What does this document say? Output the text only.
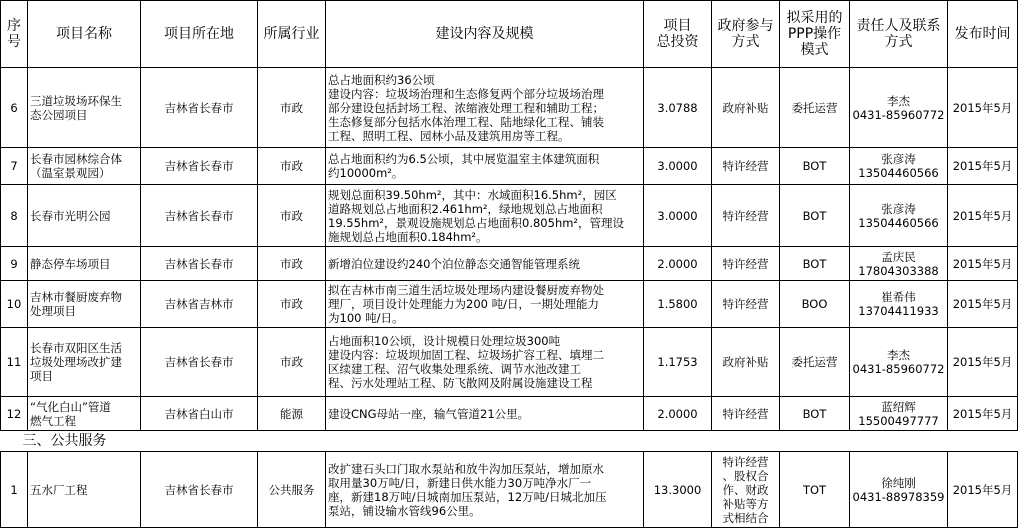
序
号	项目名称	项目所在地	所属行业	建设内容及规模	项目
总投资	政府参与
方式	拟采用的
PPP操作
模式	责任人及联系
方式	发布时间
6	三道垃圾场环保生
态公园项目	吉林省长春市	市政	总占地面积约36公顷
建设内容：垃圾场治理和生态修复两个部分垃圾场治理
部分建设包括封场工程、浓缩液处理工程和辅助工程；
生态修复部分包括水体治理工程、陆地绿化工程、铺装
工程、照明工程、园林小品及建筑用房等工程。	3.0788	政府补贴	委托运营	李杰
0431-85960772	2015年5月
7	长春市园林综合体
（温室景观园）	吉林省长春市	市政	总占地面积约为6.5公顷，其中展览温室主体建筑面积
约10000m²。	3.0000	特许经营	BOT	张彦涛
13504460566	2015年5月
8	长春市光明公园	吉林省长春市	市政	规划总面积39.50hm²，其中：水域面积16.5hm²，园区
道路规划总占地面积2.461hm²，绿地规划总占地面积
19.55hm²，景观设施规划总占地面积0.805hm²，管理设
施规划总占地面积0.184hm²。	3.0000	特许经营	BOT	张彦涛
13504460566	2015年5月
9	静态停车场项目	吉林省长春市	市政	新增泊位建设约240个泊位静态交通智能管理系统	2.0000	特许经营	BOT	孟庆民
17804303388	2015年5月
10	吉林市餐厨废弃物
处理项目	吉林省吉林市	市政	拟在吉林市南三道生活垃圾处理场内建设餐厨废弃物处
理厂，项目设计处理能力为200 吨/日，一期处理能力
为100 吨/日。	1.5800	特许经营	BOO	崔希伟
13704411933	2015年5月
11	长春市双阳区生活
垃圾处理场改扩建
项目	吉林省长春市	市政	占地面积10公顷，设计规模日处理垃圾300吨
建设内容：垃圾坝加固工程、垃圾场扩容工程、填埋二
区续建工程、沼气收集处理系统、调节水池改建工
程、污水处理站工程、防飞散网及附属设施建设工程	1.1753	政府补贴	委托运营	李杰
0431-85960772	2015年5月
12	“气化白山”管道
燃气工程	吉林省白山市	能源	建设CNG母站一座，输气管道21公里。	2.0000	特许经营	BOT	蓝绍辉
15500497777	2015年5月
三、公共服务									
1	五水厂工程	吉林省长春市	公共服务	改扩建石头口门取水泵站和放牛沟加压泵站，增加原水
取用量30万吨/日，新建日供水能力30万吨净水厂一
座，新建18万吨/日城南加压泵站，12万吨/日城北加压
泵站，铺设输水管线96公里。	13.3000	特许经营
、股权合
作、财政
补贴等方
式相结合	TOT	徐纯刚
0431-88978359	2015年5月
